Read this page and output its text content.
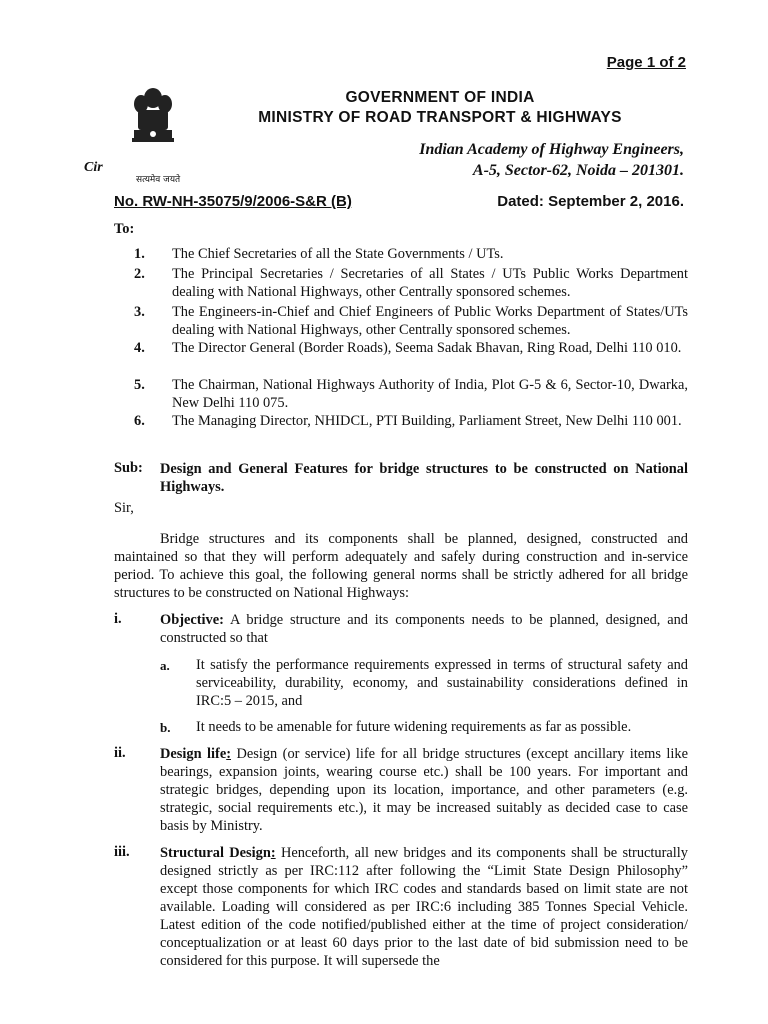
Page 1 of 2
सत्यमेव जयते
Cir
GOVERNMENT OF INDIA
MINISTRY OF ROAD TRANSPORT & HIGHWAYS
Indian Academy of Highway Engineers,
A-5, Sector-62, Noida – 201301.
No. RW-NH-35075/9/2006-S&R (B)	Dated: September 2, 2016.
To:
1. The Chief Secretaries of all the State Governments / UTs.
2. The Principal Secretaries / Secretaries of all States / UTs Public Works Department dealing with National Highways, other Centrally sponsored schemes.
3. The Engineers-in-Chief and Chief Engineers of Public Works Department of States/UTs dealing with National Highways, other Centrally sponsored schemes.
4. The Director General (Border Roads), Seema Sadak Bhavan, Ring Road, Delhi 110 010.
5. The Chairman, National Highways Authority of India, Plot G-5 & 6, Sector-10, Dwarka, New Delhi 110 075.
6. The Managing Director, NHIDCL, PTI Building, Parliament Street, New Delhi 110 001.
Sub: Design and General Features for bridge structures to be constructed on National Highways.
Sir,
Bridge structures and its components shall be planned, designed, constructed and maintained so that they will perform adequately and safely during construction and in-service period. To achieve this goal, the following general norms shall be strictly adhered for all bridge structures to be constructed on National Highways:
i.	Objective: A bridge structure and its components needs to be planned, designed, and constructed so that
a. It satisfy the performance requirements expressed in terms of structural safety and serviceability, durability, economy, and sustainability considerations defined in IRC:5 – 2015, and
b. It needs to be amenable for future widening requirements as far as possible.
ii. Design life: Design (or service) life for all bridge structures (except ancillary items like bearings, expansion joints, wearing course etc.) shall be 100 years. For important and strategic bridges, depending upon its location, importance, and other parameters (e.g. strategic, social requirements etc.), it may be increased suitably as decided case to case basis by Ministry.
iii. Structural Design: Henceforth, all new bridges and its components shall be structurally designed strictly as per IRC:112 after following the “Limit State Design Philosophy” except those components for which IRC codes and standards based on limit state are not available. Loading will considered as per IRC:6 including 385 Tonnes Special Vehicle. Latest edition of the code notified/published either at the time of project consideration/ conceptualization or at least 60 days prior to the last date of bid submission need to be considered for this purpose. It will supersede the
